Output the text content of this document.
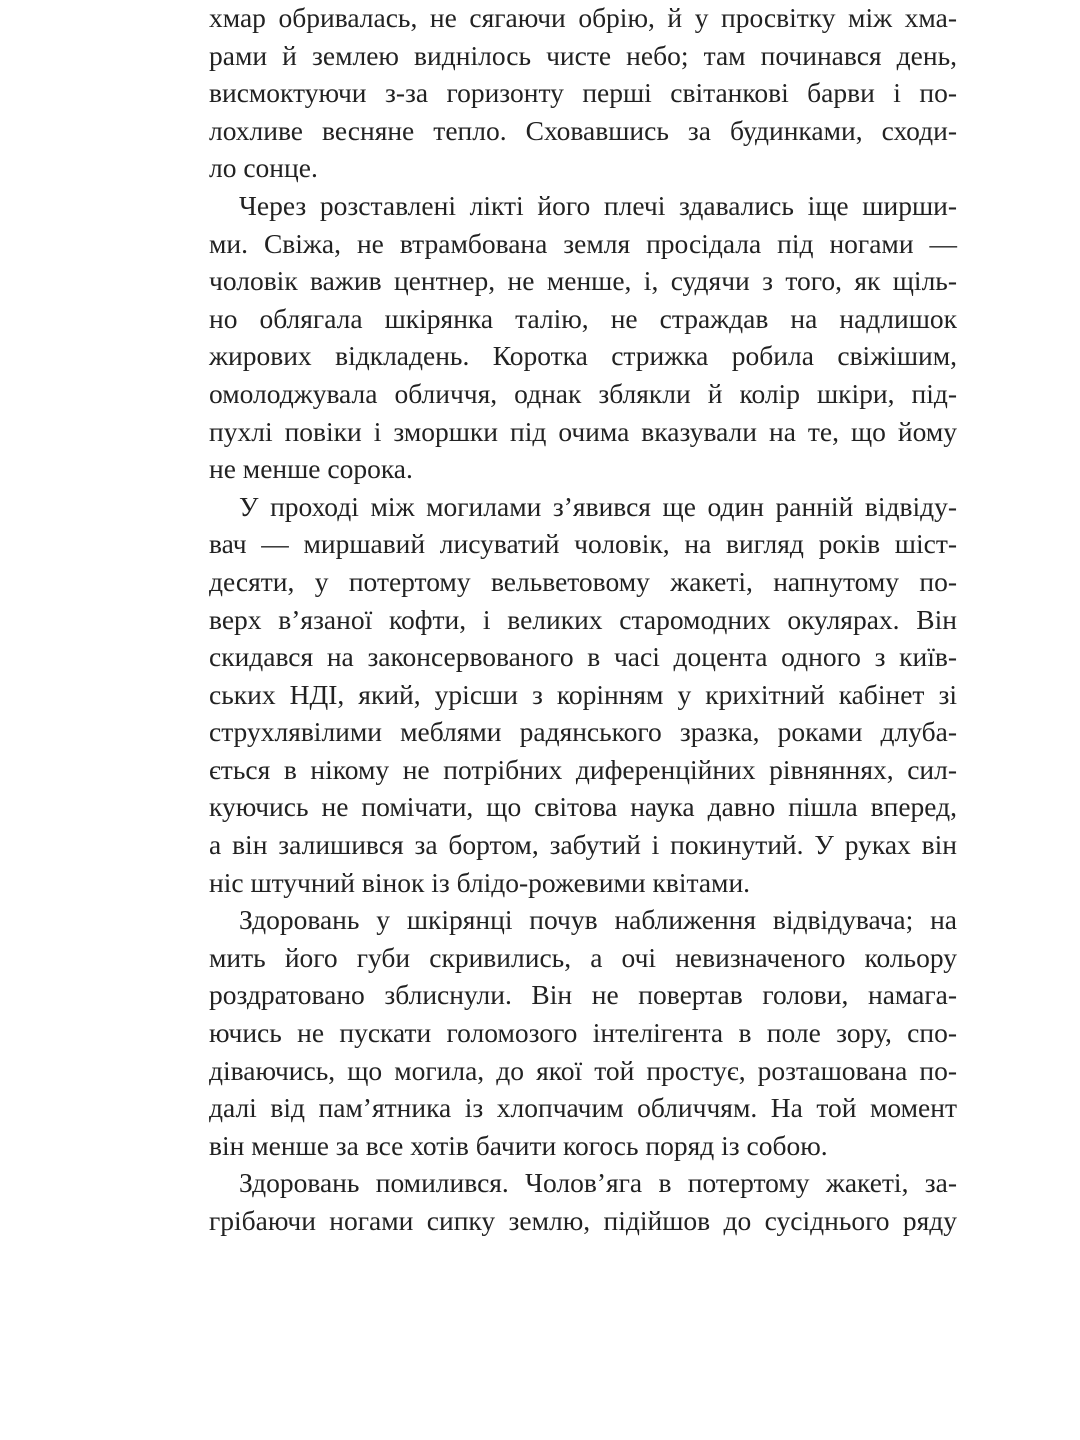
хмар обривалась, не сягаючи обрію, й у просвітку між хма-
рами й землею виднілось чисте небо; там починався день,
висмоктуючи з-за горизонту перші світанкові барви і по-
лохливе весняне тепло. Сховавшись за будинками, сходи-
ло сонце.
Через розставлені лікті його плечі здавались іще ширши-
ми. Свіжа, не втрамбована земля просідала під ногами —
чоловік важив центнер, не менше, і, судячи з того, як щіль-
но облягала шкірянка талію, не страждав на надлишок
жирових відкладень. Коротка стрижка робила свіжішим,
омолоджувала обличчя, однак зблякли й колір шкіри, під-
пухлі повіки і зморшки під очима вказували на те, що йому
не менше сорока.
У проході між могилами з’явився ще один ранній відвіду-
вач — миршавий лисуватий чоловік, на вигляд років шіст-
десяти, у потертому вельветовому жакеті, напнутому по-
верх в’язаної кофти, і великих старомодних окулярах. Він
скидався на законсервованого в часі доцента одного з київ-
ських НДІ, який, урісши з корінням у крихітний кабінет зі
струхлявілими меблями радянського зразка, роками длуба-
ється в нікому не потрібних диференційних рівняннях, сил-
куючись не помічати, що світова наука давно пішла вперед,
а він залишився за бортом, забутий і покинутий. У руках він
ніс штучний вінок із блідо-рожевими квітами.
Здоровань у шкірянці почув наближення відвідувача; на
мить його губи скривились, а очі невизначеного кольору
роздратовано зблиснули. Він не повертав голови, намага-
ючись не пускати голомозого інтелігента в поле зору, спо-
діваючись, що могила, до якої той простує, розташована по-
далі від пам’ятника із хлопчачим обличчям. На той момент
він менше за все хотів бачити когось поряд із собою.
Здоровань помилився. Чолов’яга в потертому жакеті, за-
грібаючи ногами сипку землю, підійшов до сусіднього ряду
